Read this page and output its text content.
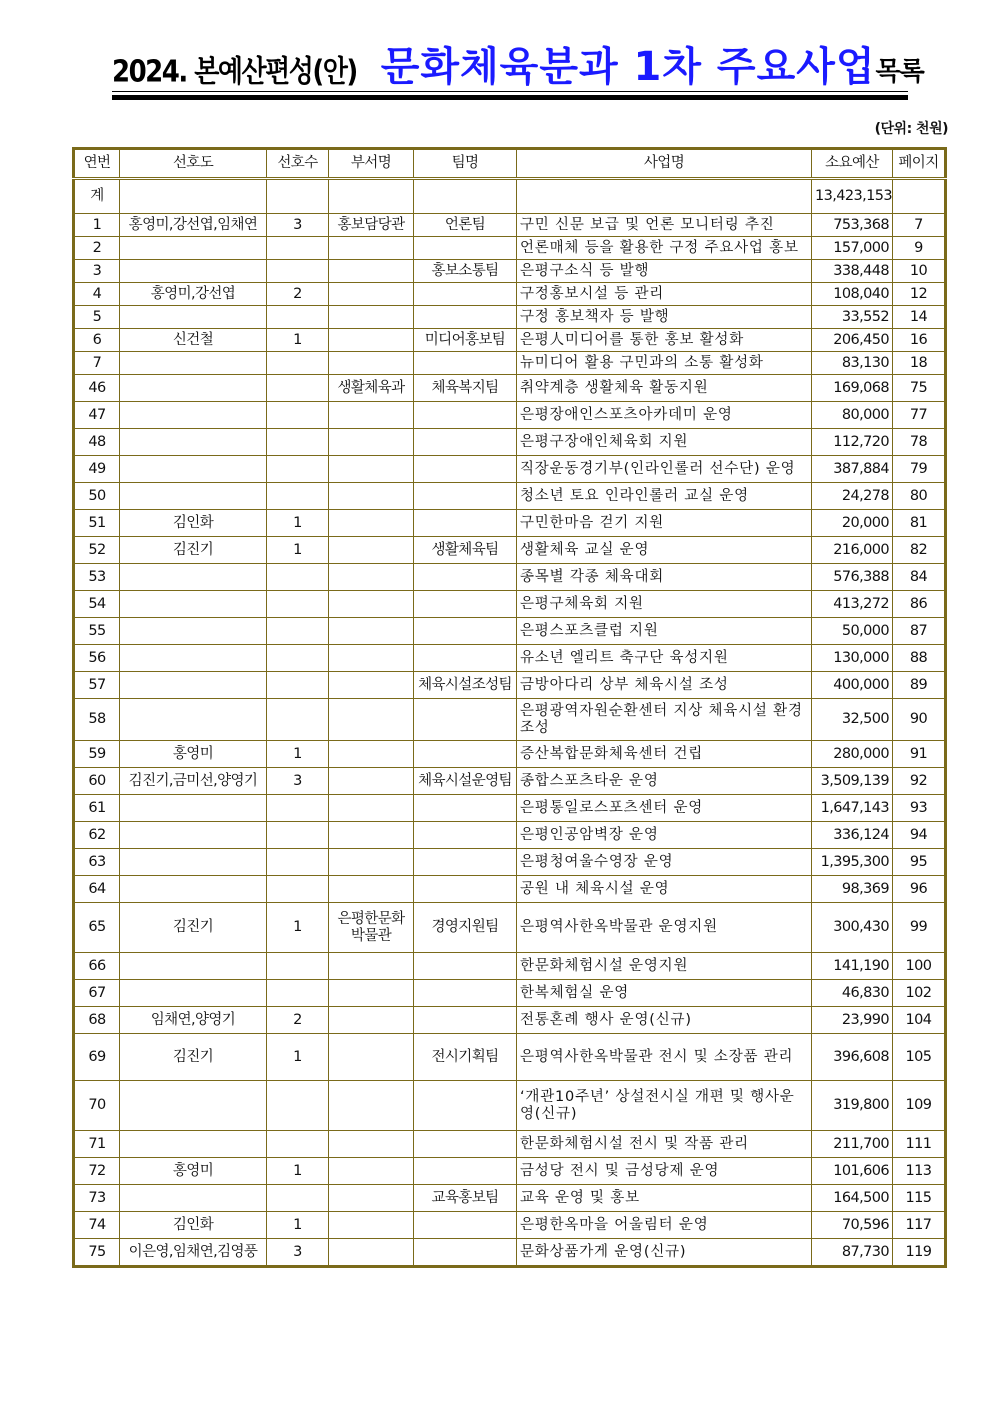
2024. 본예산편성(안) 문화체육분과 1차 주요사업 목록
(단위: 천원)
연번	선호도	선호수	부서명	팀명	사업명	소요예산	페이지
계						13,423,153	
1	홍영미,강선엽,임채연	3	홍보담당관	언론팀	구민 신문 보급 및 언론 모니터링 추진	753,368	7
2					언론매체 등을 활용한 구정 주요사업 홍보	157,000	9
3				홍보소통팀	은평구소식 등 발행	338,448	10
4	홍영미,강선엽	2			구정홍보시설 등 관리	108,040	12
5					구정 홍보책자 등 발행	33,552	14
6	신건철	1		미디어홍보팀	은평人미디어를 통한 홍보 활성화	206,450	16
7					뉴미디어 활용 구민과의 소통 활성화	83,130	18
46			생활체육과	체육복지팀	취약계층 생활체육 활동지원	169,068	75
47					은평장애인스포츠아카데미 운영	80,000	77
48					은평구장애인체육회 지원	112,720	78
49					직장운동경기부(인라인롤러 선수단) 운영	387,884	79
50					청소년 토요 인라인롤러 교실 운영	24,278	80
51	김인화	1			구민한마음 걷기 지원	20,000	81
52	김진기	1		생활체육팀	생활체육 교실 운영	216,000	82
53					종목별 각종 체육대회	576,388	84
54					은평구체육회 지원	413,272	86
55					은평스포츠클럽 지원	50,000	87
56					유소년 엘리트 축구단 육성지원	130,000	88
57				체육시설조성팀	금방아다리 상부 체육시설 조성	400,000	89
58					은평광역자원순환센터 지상 체육시설 환경조성	32,500	90
59	홍영미	1			증산복합문화체육센터 건립	280,000	91
60	김진기,금미선,양영기	3		체육시설운영팀	종합스포츠타운 운영	3,509,139	92
61					은평통일로스포츠센터 운영	1,647,143	93
62					은평인공암벽장 운영	336,124	94
63					은평청여울수영장 운영	1,395,300	95
64					공원 내 체육시설 운영	98,369	96
65	김진기	1	은평한문화박물관	경영지원팀	은평역사한옥박물관 운영지원	300,430	99
66					한문화체험시설 운영지원	141,190	100
67					한복체험실 운영	46,830	102
68	임채연,양영기	2			전통혼례 행사 운영(신규)	23,990	104
69	김진기	1		전시기획팀	은평역사한옥박물관 전시 및 소장품 관리	396,608	105
70					‘개관10주년’ 상설전시실 개편 및 행사운영(신규)	319,800	109
71					한문화체험시설 전시 및 작품 관리	211,700	111
72	홍영미	1			금성당 전시 및 금성당제 운영	101,606	113
73				교육홍보팀	교육 운영 및 홍보	164,500	115
74	김인화	1			은평한옥마을 어울림터 운영	70,596	117
75	이은영,임채연,김영풍	3			문화상품가게 운영(신규)	87,730	119
